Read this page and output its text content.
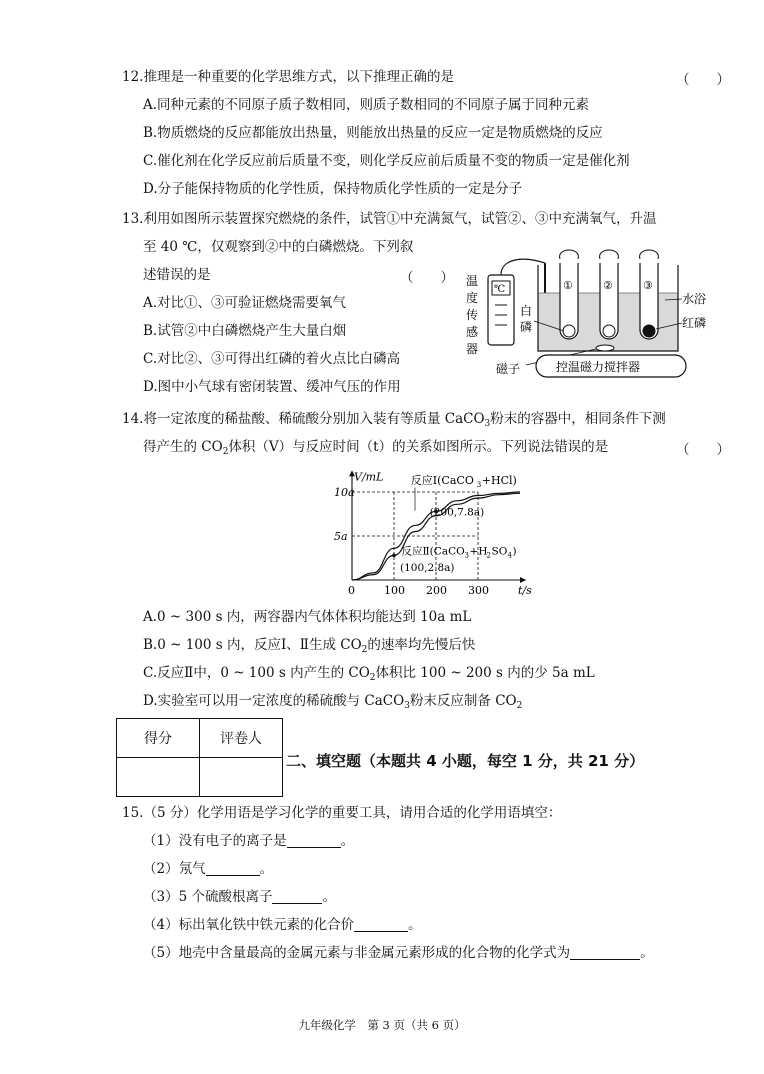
12.推理是一种重要的化学思维方式，以下推理正确的是	（　　）
A.同种元素的不同原子质子数相同，则质子数相同的不同原子属于同种元素
B.物质燃烧的反应都能放出热量，则能放出热量的反应一定是物质燃烧的反应
C.催化剂在化学反应前后质量不变，则化学反应前后质量不变的物质一定是催化剂
D.分子能保持物质的化学性质，保持物质化学性质的一定是分子
13.利用如图所示装置探究燃烧的条件，试管①中充满氮气，试管②、③中充满氧气，升温
至 40 ℃，仅观察到②中的白磷燃烧。下列叙
述错误的是	（　　）
A.对比①、③可验证燃烧需要氧气
B.试管②中白磷燃烧产生大量白烟
C.对比②、③可得出红磷的着火点比白磷高
D.图中小气球有密闭装置、缓冲气压的作用
℃
温 度 传 感 器
①	②	③
白 磷
水浴
红磷
磁子	控温磁力搅拌器
14.将一定浓度的稀盐酸、稀硫酸分别加入装有等质量 CaCO$_3$粉末的容器中，相同条件下测
得产生的 $CO_2$体积（V）与反应时间（t）的关系如图所示。下列说法错误的是	（　　）
V/mL
t/s
0	100 200 300
5a
10a
反应Ⅰ(CaCO 3 +HCl)
(200,7.8a)
反应Ⅱ(CaCO 3 +H 2 SO 4 )
(100,2.8a)
A.0 ~ 300 s 内，两容器内气体体积均能达到 10a mL
B.0 ~ 100 s 内，反应Ⅰ、Ⅱ生成 $CO_2$的速率均先慢后快
C.反应Ⅱ中，0 ~ 100 s 内产生的 $CO_2$体积比 100 ~ 200 s 内的少 5a mL
D.实验室可以用一定浓度的稀硫酸与 CaCO$_3$粉末反应制备 $CO_2$
得分	评卷人

二、填空题（本题共 4 小题，每空 1 分，共 21 分）
15.（5 分）化学用语是学习化学的重要工具，请用合适的化学用语填空：
（1）没有电子的离子是	。
（2）氖气	。
（3）5 个硫酸根离子	。
（4）标出氧化铁中铁元素的化合价	。
（5）地壳中含量最高的金属元素与非金属元素形成的化合物的化学式为	。
九年级化学　第 3 页（共 6 页）
